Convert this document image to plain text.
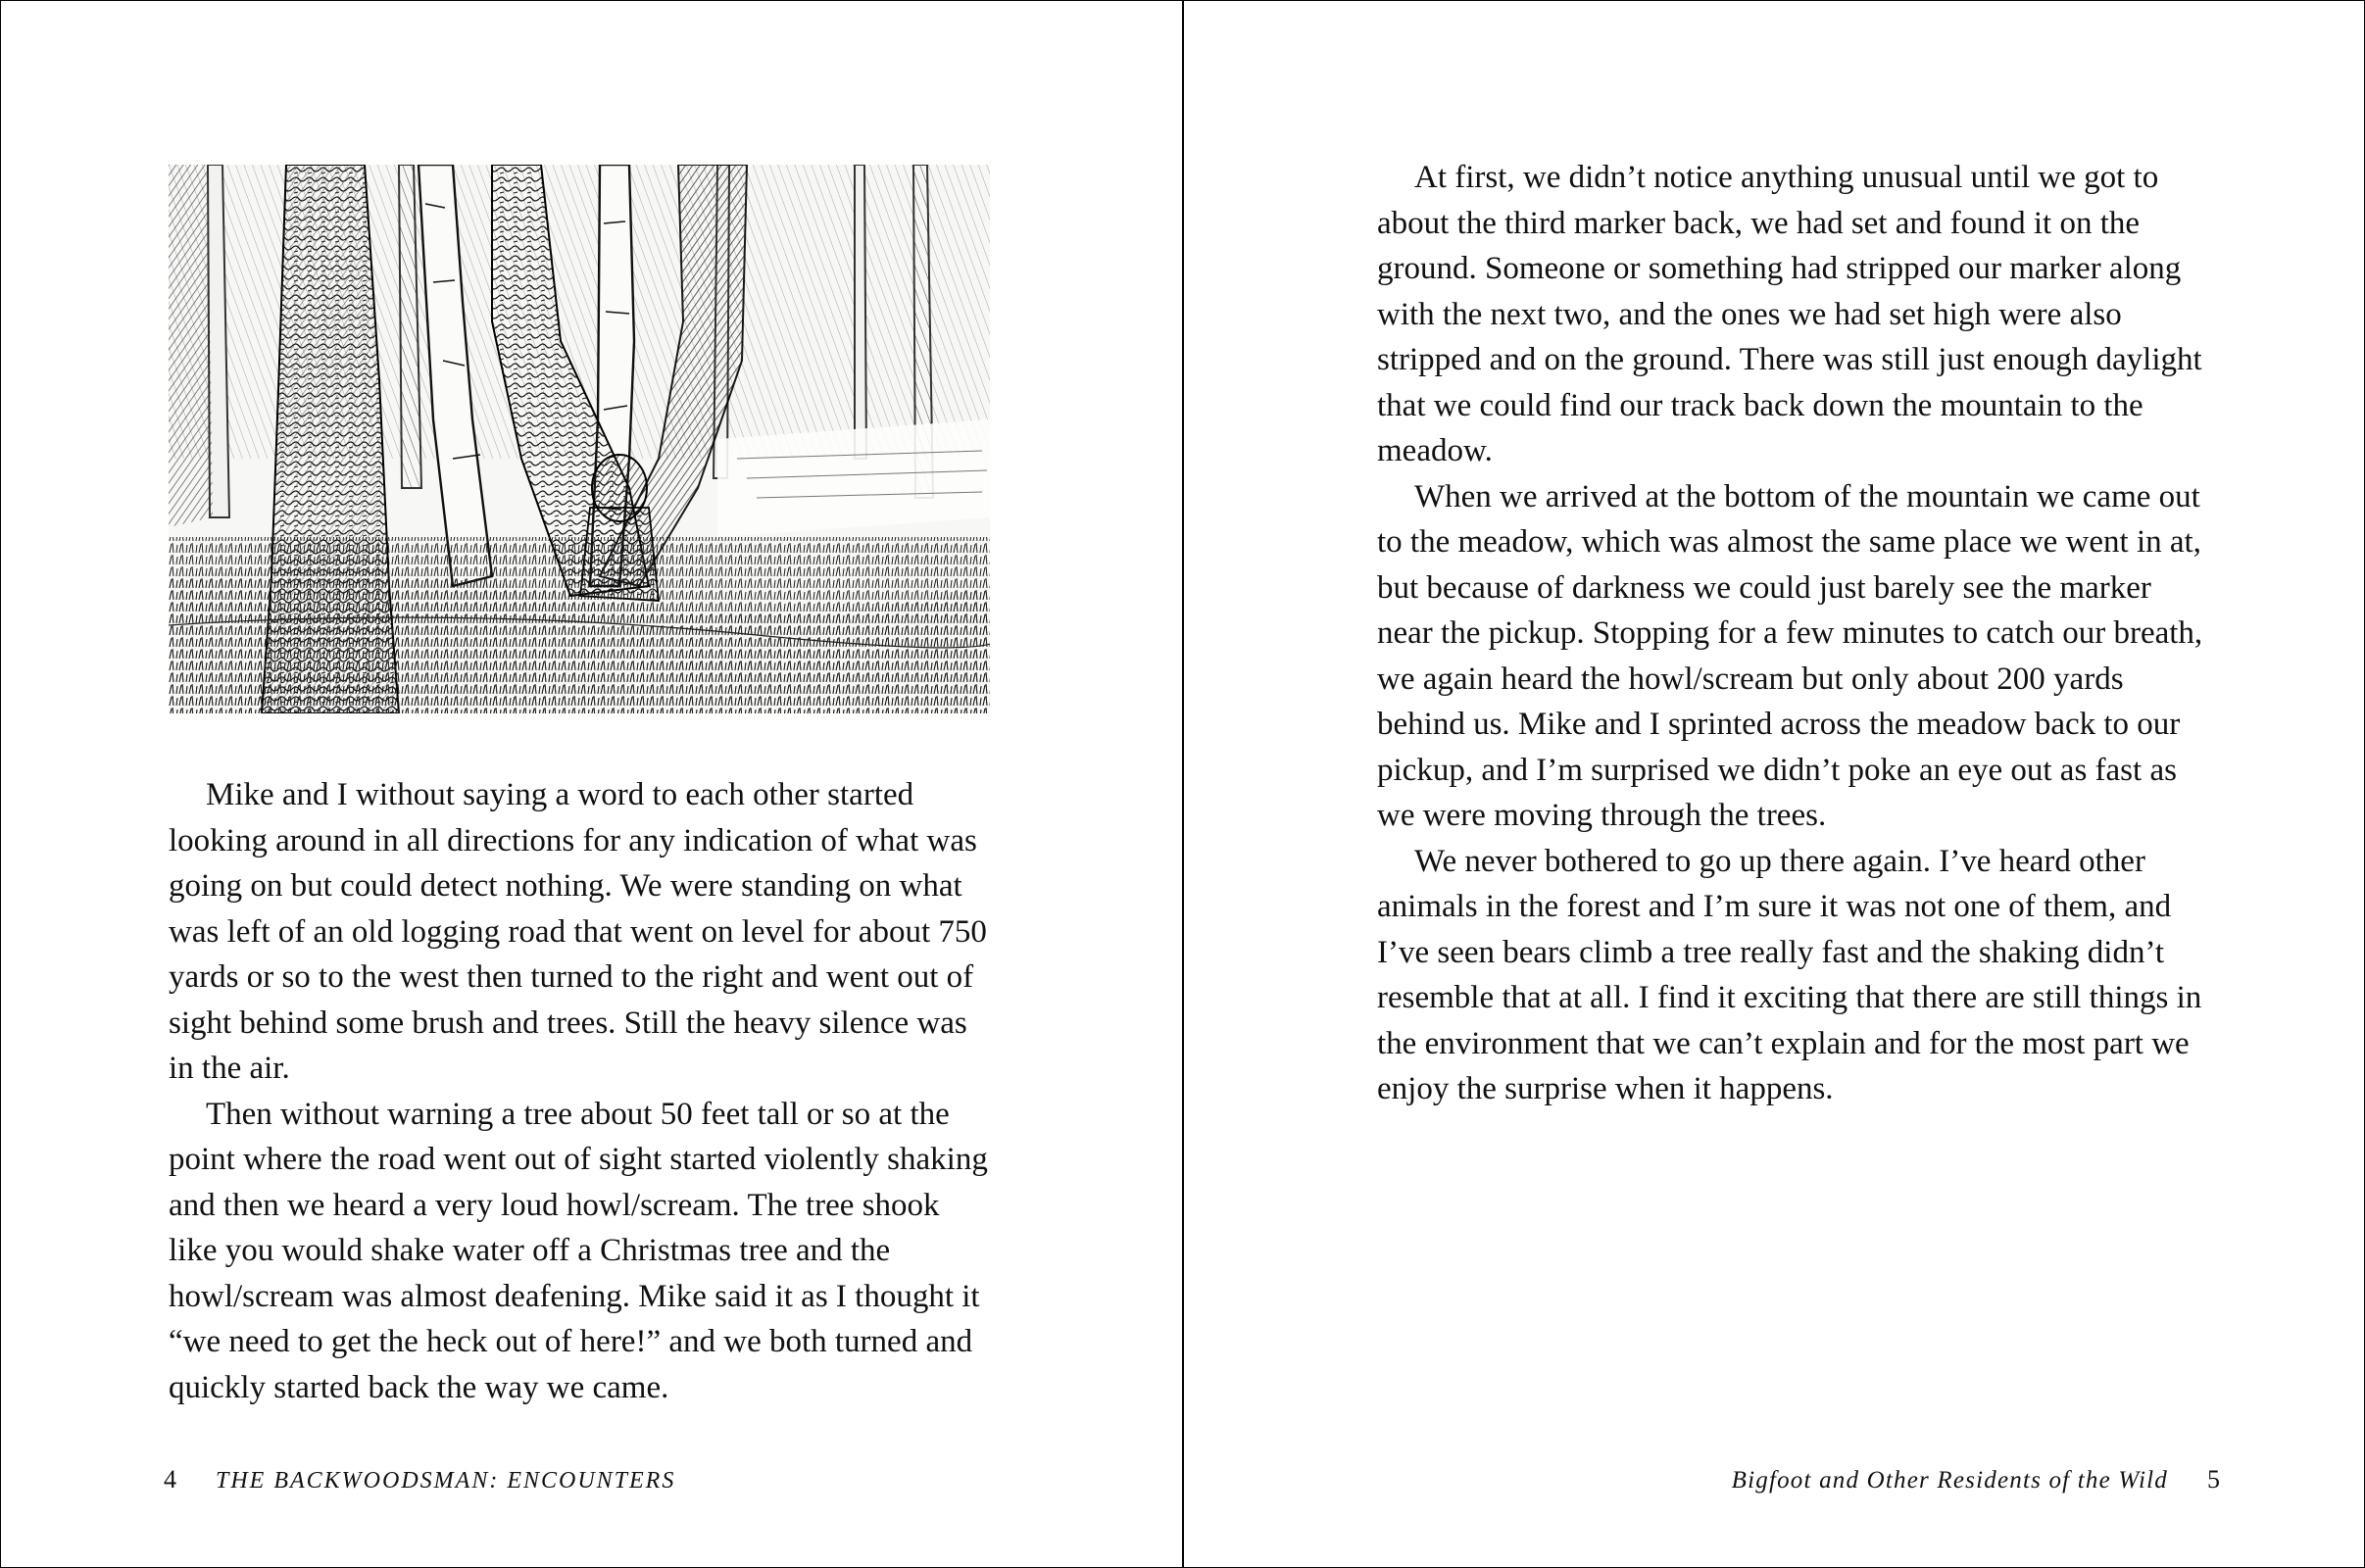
Mike and I without saying a word to each other started looking around in all directions for any indication of what was going on but could detect nothing. We were standing on what was left of an old logging road that went on level for about 750 yards or so to the west then turned to the right and went out of sight behind some brush and trees. Still the heavy silence was in the air.

Then without warning a tree about 50 feet tall or so at the point where the road went out of sight started violently shaking and then we heard a very loud howl/scream. The tree shook like you would shake water off a Christmas tree and the howl/scream was almost deafening. Mike said it as I thought it “we need to get the heck out of here!” and we both turned and quickly started back the way we came.

4 THE BACKWOODSMAN: ENCOUNTERS

At first, we didn’t notice anything unusual until we got to about the third marker back, we had set and found it on the ground. Someone or something had stripped our marker along with the next two, and the ones we had set high were also stripped and on the ground. There was still just enough daylight that we could find our track back down the mountain to the meadow.

When we arrived at the bottom of the mountain we came out to the meadow, which was almost the same place we went in at, but because of darkness we could just barely see the marker near the pickup. Stopping for a few minutes to catch our breath, we again heard the howl/scream but only about 200 yards behind us. Mike and I sprinted across the meadow back to our pickup, and I’m surprised we didn’t poke an eye out as fast as we were moving through the trees.

We never bothered to go up there again. I’ve heard other animals in the forest and I’m sure it was not one of them, and I’ve seen bears climb a tree really fast and the shaking didn’t resemble that at all. I find it exciting that there are still things in the environment that we can’t explain and for the most part we enjoy the surprise when it happens.

Bigfoot and Other Residents of the Wild 5
